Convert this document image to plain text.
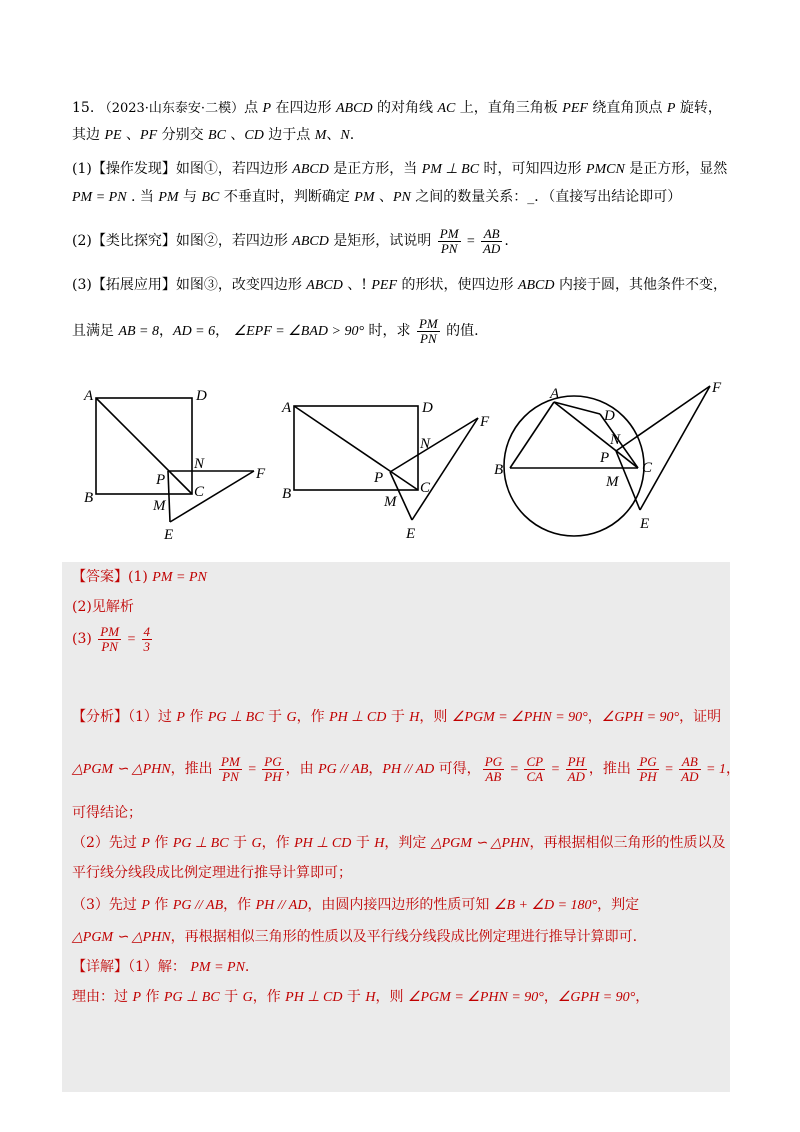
15. （2023·山东泰安·二模）点 P 在四边形 ABCD 的对角线 AC 上，直角三角板 PEF 绕直角顶点 P 旋转，
其边 PE 、PF 分别交 BC 、CD 边于点 M、N.
(1)【操作发现】如图①，若四边形 ABCD 是正方形，当 PM ⊥ BC 时，可知四边形 PMCN 是正方形，显然
PM = PN . 当 PM 与 BC 不垂直时，判断确定 PM 、PN 之间的数量关系：_．（直接写出结论即可）
(2)【类比探究】如图②，若四边形 ABCD 是矩形，试说明 $\frac{PM}{PN} = \frac{AB}{AD}$ .
(3)【拓展应用】如图③，改变四边形 ABCD 、! PEF 的形状，使四边形 ABCD 内接于圆，其他条件不变，
且满足 AB = 8，AD = 6， ∠EPF = ∠BAD > 90° 时，求 $\frac{PM}{PN}$ 的值.
A	D
B	C
P
N
F
M
E
A	D
B	C
P
N
F
M
E
A
D
B	C
P
N
F
M
E
【答案】(1) PM = PN
(2)见解析
$(3) \frac{PM}{PN} = \frac{4}{3}$
【分析】（1）过 P 作 PG ⊥ BC 于 G，作 PH ⊥ CD 于 H，则 ∠PGM = ∠PHN = 90°，∠GPH = 90°，证明
△PGM ∽ △PHN，推出 $\frac{PM}{PN} = \frac{PG}{PH}$ ，由 PG // AB，PH // AD 可得， $\frac{PG}{AB} = \frac{CP}{CA} = \frac{PH}{AD}$ ，推出 $\frac{PG}{PH} = \frac{AB}{AD} = 1$，
可得结论；
（2）先过 P 作 PG ⊥ BC 于 G，作 PH ⊥ CD 于 H，判定 △PGM ∽ △PHN，再根据相似三角形的性质以及
平行线分线段成比例定理进行推导计算即可；
（3）先过 P 作 PG // AB，作 PH // AD，由圆内接四边形的性质可知 ∠B + ∠D = 180°，判定
△PGM ∽ △PHN，再根据相似三角形的性质以及平行线分线段成比例定理进行推导计算即可.
【详解】（1）解： PM = PN.
理由：过 P 作 PG ⊥ BC 于 G，作 PH ⊥ CD 于 H，则 ∠PGM = ∠PHN = 90°，∠GPH = 90°，
